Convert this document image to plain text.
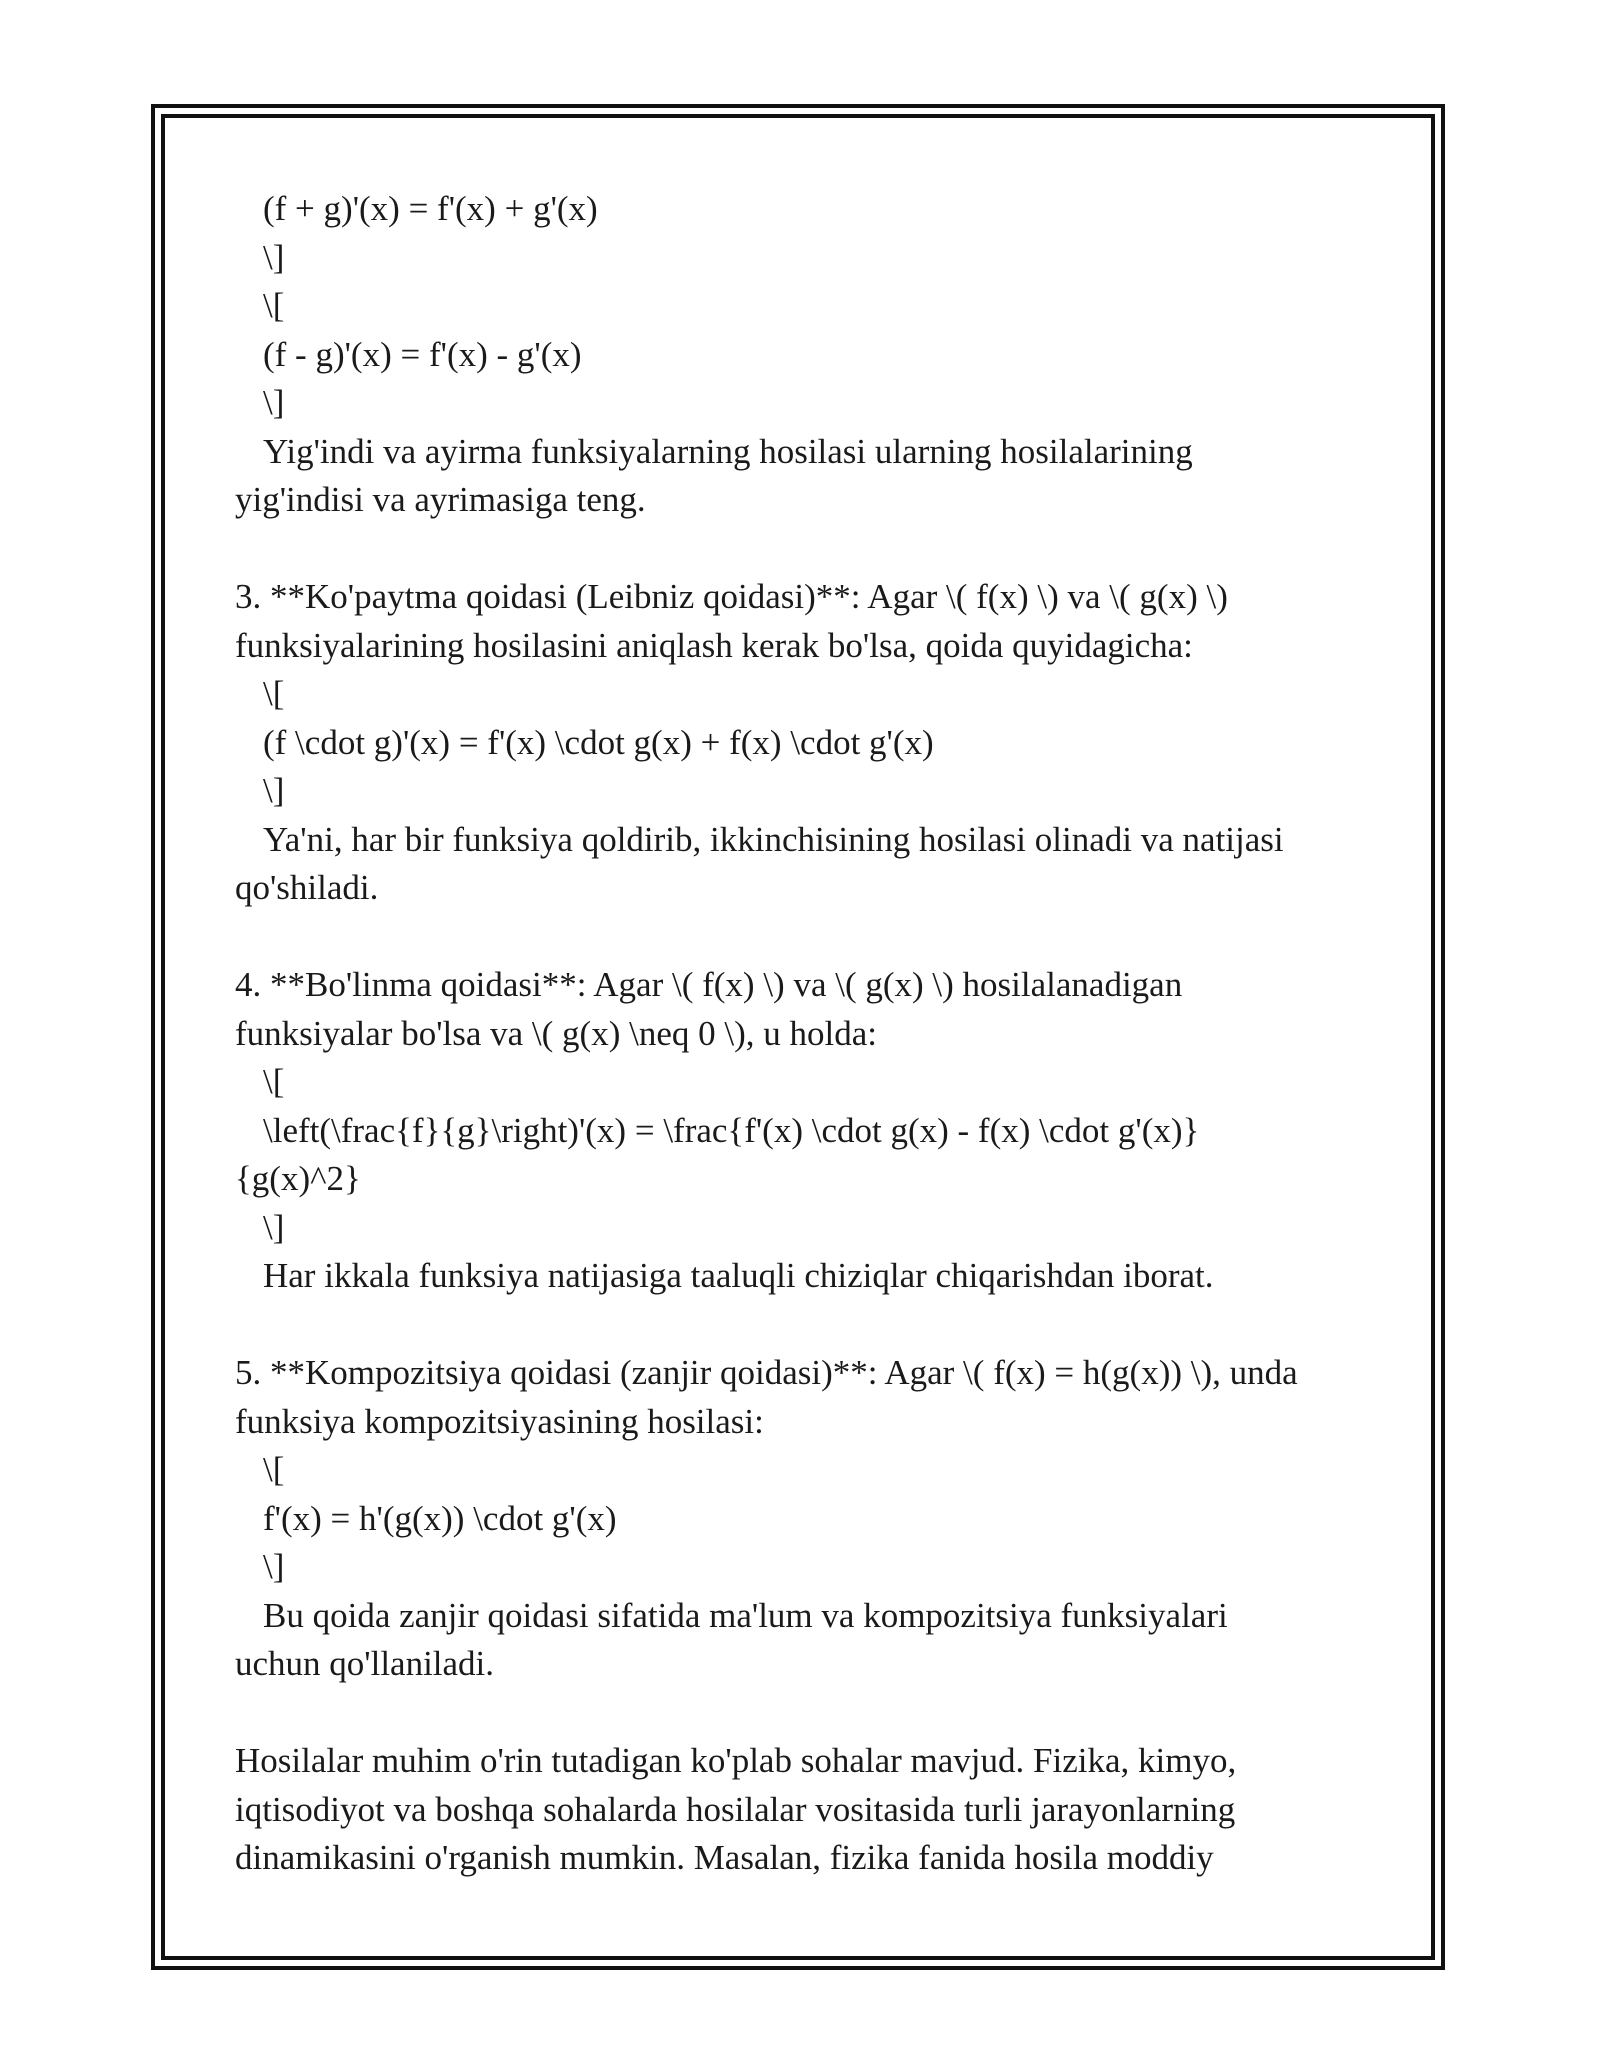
(f + g)'(x) = f'(x) + g'(x)
\]
\[
(f - g)'(x) = f'(x) - g'(x)
\]
Yig'indi va ayirma funksiyalarning hosilasi ularning hosilalarining
yig'indisi va ayrimasiga teng.
3. **Ko'paytma qoidasi (Leibniz qoidasi)**: Agar \( f(x) \) va \( g(x) \)
funksiyalarining hosilasini aniqlash kerak bo'lsa, qoida quyidagicha:
\[
(f \cdot g)'(x) = f'(x) \cdot g(x) + f(x) \cdot g'(x)
\]
Ya'ni, har bir funksiya qoldirib, ikkinchisining hosilasi olinadi va natijasi
qo'shiladi.
4. **Bo'linma qoidasi**: Agar \( f(x) \) va \( g(x) \) hosilalanadigan
funksiyalar bo'lsa va \( g(x) \neq 0 \), u holda:
\[
\left(\frac{f}{g}\right)'(x) = \frac{f'(x) \cdot g(x) - f(x) \cdot g'(x)}
{g(x)^2}
\]
Har ikkala funksiya natijasiga taaluqli chiziqlar chiqarishdan iborat.
5. **Kompozitsiya qoidasi (zanjir qoidasi)**: Agar \( f(x) = h(g(x)) \), unda
funksiya kompozitsiyasining hosilasi:
\[
f'(x) = h'(g(x)) \cdot g'(x)
\]
Bu qoida zanjir qoidasi sifatida ma'lum va kompozitsiya funksiyalari
uchun qo'llaniladi.
Hosilalar muhim o'rin tutadigan ko'plab sohalar mavjud. Fizika, kimyo,
iqtisodiyot va boshqa sohalarda hosilalar vositasida turli jarayonlarning
dinamikasini o'rganish mumkin. Masalan, fizika fanida hosila moddiy
